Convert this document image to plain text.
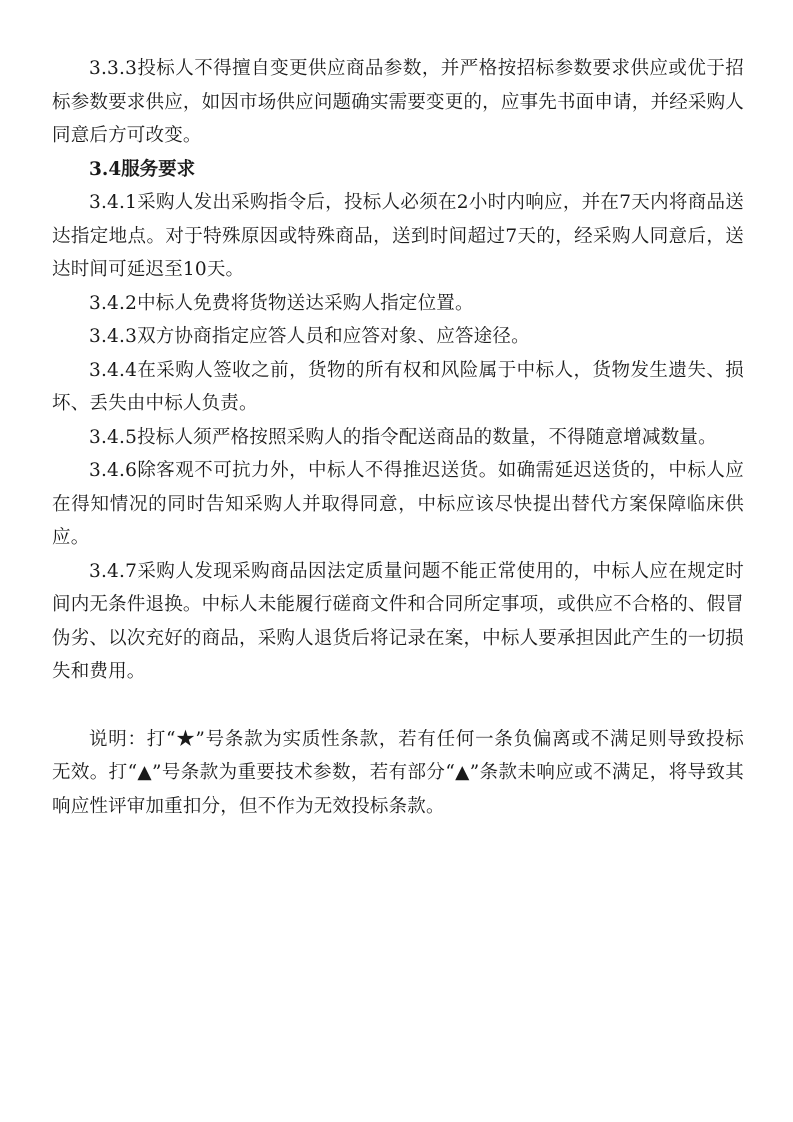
3.3.3投标人不得擅自变更供应商品参数，并严格按招标参数要求供应或优于招标参数要求供应，如因市场供应问题确实需要变更的，应事先书面申请，并经采购人同意后方可改变。

3.4服务要求

3.4.1采购人发出采购指令后，投标人必须在2小时内响应，并在7天内将商品送达指定地点。对于特殊原因或特殊商品，送到时间超过7天的，经采购人同意后，送达时间可延迟至10天。

3.4.2中标人免费将货物送达采购人指定位置。

3.4.3双方协商指定应答人员和应答对象、应答途径。

3.4.4在采购人签收之前，货物的所有权和风险属于中标人，货物发生遗失、损坏、丢失由中标人负责。

3.4.5投标人须严格按照采购人的指令配送商品的数量，不得随意增减数量。

3.4.6除客观不可抗力外，中标人不得推迟送货。如确需延迟送货的，中标人应在得知情况的同时告知采购人并取得同意，中标应该尽快提出替代方案保障临床供应。

3.4.7采购人发现采购商品因法定质量问题不能正常使用的，中标人应在规定时间内无条件退换。中标人未能履行磋商文件和合同所定事项，或供应不合格的、假冒伪劣、以次充好的商品，采购人退货后将记录在案，中标人要承担因此产生的一切损失和费用。

说明：打“★”号条款为实质性条款，若有任何一条负偏离或不满足则导致投标无效。打“▲”号条款为重要技术参数，若有部分“▲”条款未响应或不满足，将导致其响应性评审加重扣分，但不作为无效投标条款。
